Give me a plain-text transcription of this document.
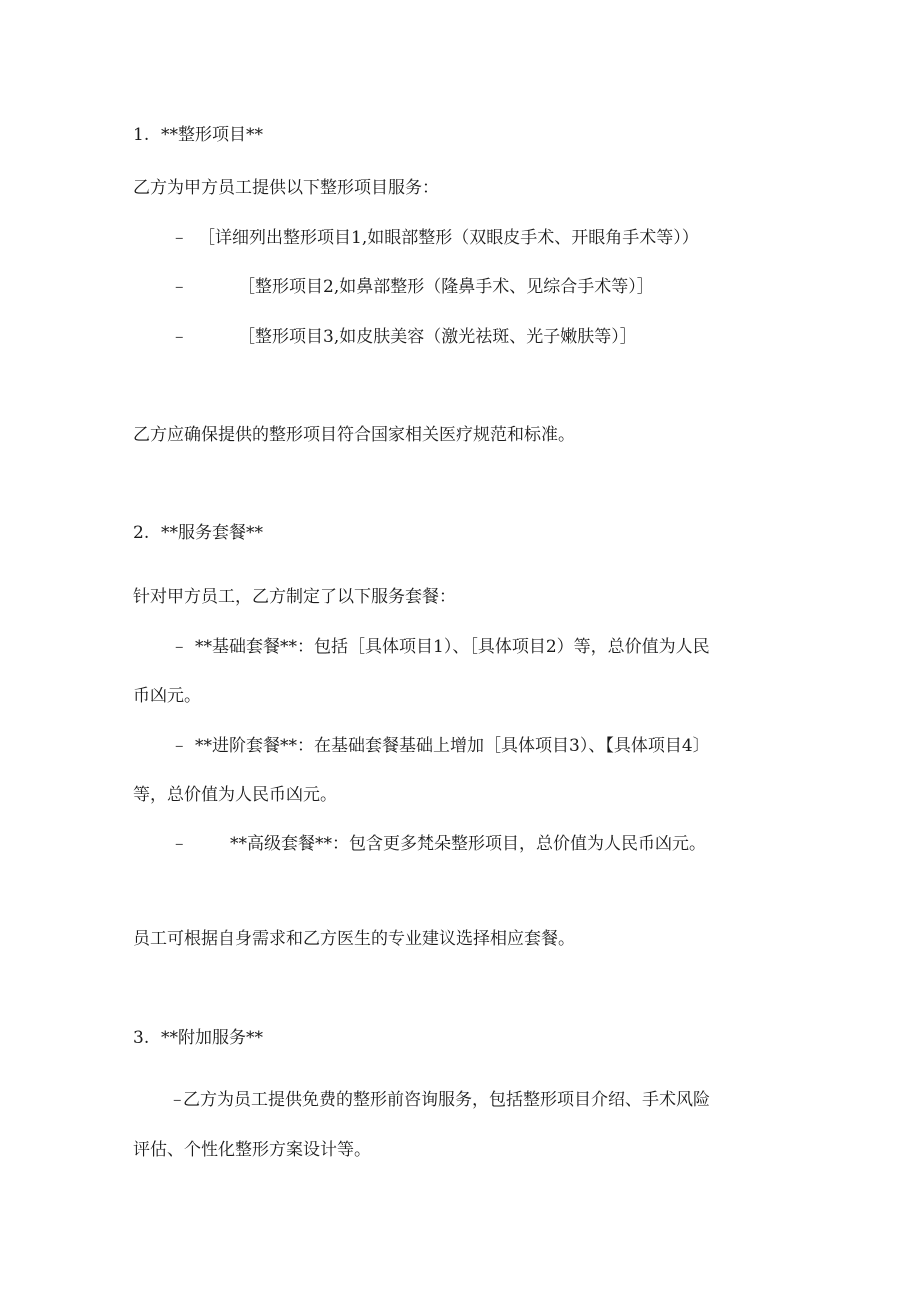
1. **整形项目**
乙方为甲方员工提供以下整形项目服务：
– ［详细列出整形项目1,如眼部整形（双眼皮手术、开眼角手术等））
–	［整形项目2,如鼻部整形（隆鼻手术、见综合手术等）］
–	［整形项目3,如皮肤美容（激光祛斑、光子嫩肤等）］
乙方应确保提供的整形项目符合国家相关医疗规范和标准。
2. **服务套餐**
针对甲方员工，乙方制定了以下服务套餐：
– **基础套餐**：包括［具体项目1）、［具体项目2）等，总价值为人民
币凶元。
– **进阶套餐**：在基础套餐基础上增加［具体项目3）、【具体项目4〕
等，总价值为人民币凶元。
–	**高级套餐**：包含更多梵朵整形项目，总价值为人民币凶元。
员工可根据自身需求和乙方医生的专业建议选择相应套餐。
3. **附加服务**
– 乙方为员工提供免费的整形前咨询服务，包括整形项目介绍、手术风险
评估、个性化整形方案设计等。
